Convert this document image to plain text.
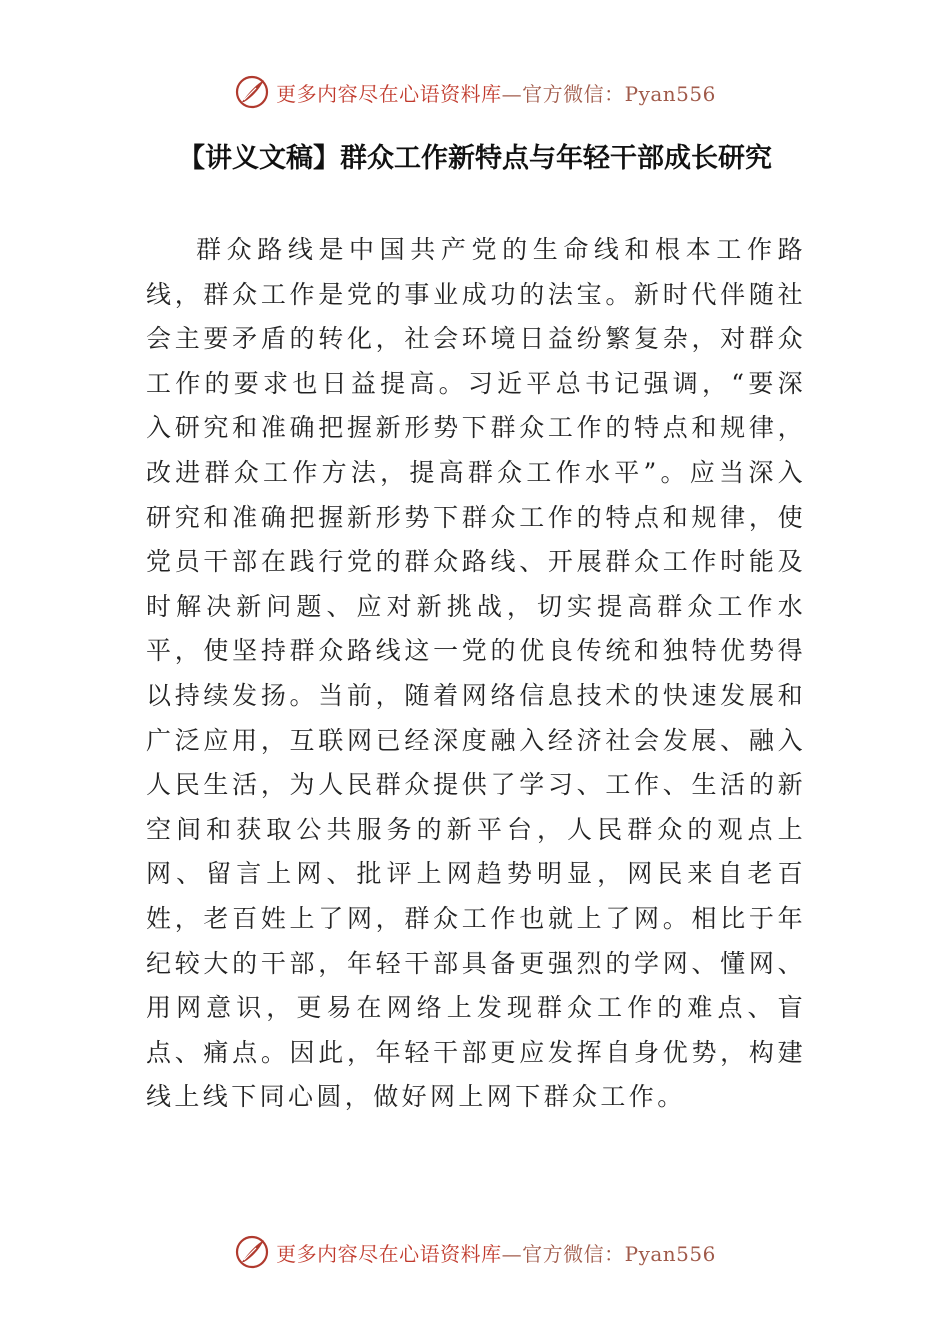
更多内容尽在心语资料库—官方微信：Pyan556
【讲义文稿】群众工作新特点与年轻干部成长研究

群众路线是中国共产党的生命线和根本工作路线，群众工作是党的事业成功的法宝。新时代伴随社会主要矛盾的转化，社会环境日益纷繁复杂，对群众工作的要求也日益提高。习近平总书记强调，“要深入研究和准确把握新形势下群众工作的特点和规律，改进群众工作方法，提高群众工作水平”。应当深入研究和准确把握新形势下群众工作的特点和规律，使党员干部在践行党的群众路线、开展群众工作时能及时解决新问题、应对新挑战，切实提高群众工作水平，使坚持群众路线这一党的优良传统和独特优势得以持续发扬。当前，随着网络信息技术的快速发展和广泛应用，互联网已经深度融入经济社会发展、融入人民生活，为人民群众提供了学习、工作、生活的新空间和获取公共服务的新平台，人民群众的观点上网、留言上网、批评上网趋势明显，网民来自老百姓，老百姓上了网，群众工作也就上了网。相比于年纪较大的干部，年轻干部具备更强烈的学网、懂网、用网意识，更易在网络上发现群众工作的难点、盲点、痛点。因此，年轻干部更应发挥自身优势，构建线上线下同心圆，做好网上网下群众工作。

更多内容尽在心语资料库—官方微信：Pyan556
